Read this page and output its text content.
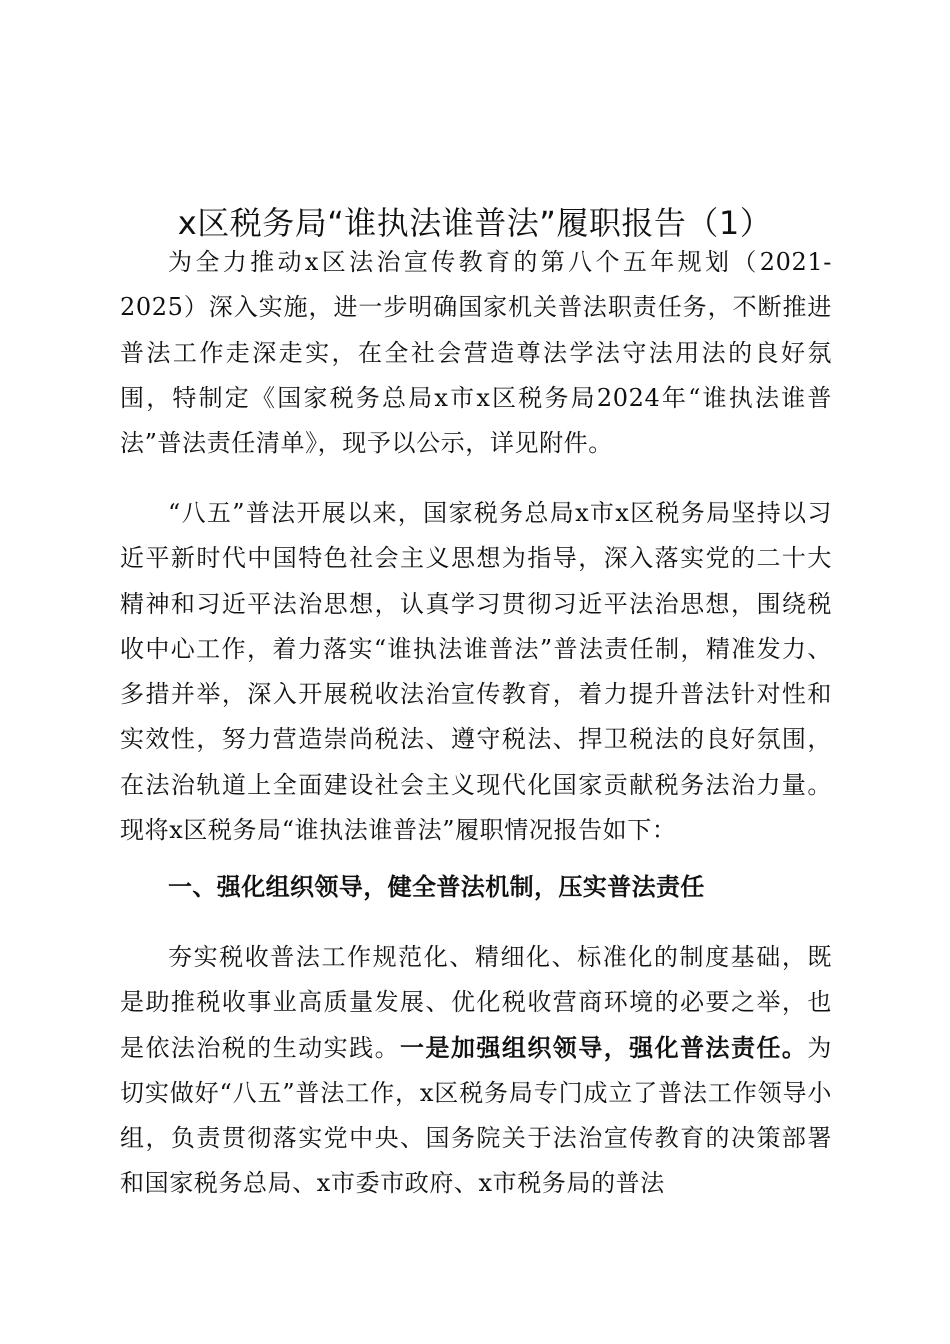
x区税务局“谁执法谁普法”履职报告（1）

为全力推动x区法治宣传教育的第八个五年规划（2021-2025）深入实施，进一步明确国家机关普法职责任务，不断推进普法工作走深走实，在全社会营造尊法学法守法用法的良好氛围，特制定《国家税务总局x市x区税务局2024年“谁执法谁普法”普法责任清单》，现予以公示，详见附件。

“八五”普法开展以来，国家税务总局x市x区税务局坚持以习近平新时代中国特色社会主义思想为指导，深入落实党的二十大精神和习近平法治思想，认真学习贯彻习近平法治思想，围绕税收中心工作，着力落实“谁执法谁普法”普法责任制，精准发力、多措并举，深入开展税收法治宣传教育，着力提升普法针对性和实效性，努力营造崇尚税法、遵守税法、捍卫税法的良好氛围，在法治轨道上全面建设社会主义现代化国家贡献税务法治力量。现将x区税务局“谁执法谁普法”履职情况报告如下：

一、强化组织领导，健全普法机制，压实普法责任

夯实税收普法工作规范化、精细化、标准化的制度基础，既是助推税收事业高质量发展、优化税收营商环境的必要之举，也是依法治税的生动实践。一是加强组织领导，强化普法责任。为切实做好“八五”普法工作，x区税务局专门成立了普法工作领导小组，负责贯彻落实党中央、国务院关于法治宣传教育的决策部署和国家税务总局、x市委市政府、x市税务局的普法
